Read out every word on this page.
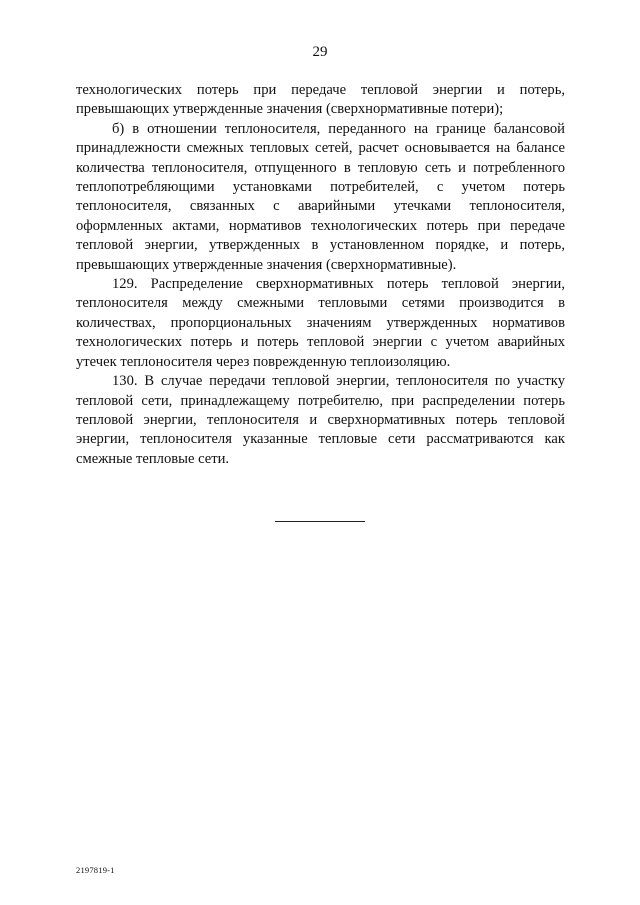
29

технологических потерь при передаче тепловой энергии и потерь, превышающих утвержденные значения (сверхнормативные потери);

б) в отношении теплоносителя, переданного на границе балансовой принадлежности смежных тепловых сетей, расчет основывается на балансе количества теплоносителя, отпущенного в тепловую сеть и потребленного теплопотребляющими установками потребителей, с учетом потерь теплоносителя, связанных с аварийными утечками теплоносителя, оформленных актами, нормативов технологических потерь при передаче тепловой энергии, утвержденных в установленном порядке, и потерь, превышающих утвержденные значения (сверхнормативные).

129. Распределение сверхнормативных потерь тепловой энергии, теплоносителя между смежными тепловыми сетями производится в количествах, пропорциональных значениям утвержденных нормативов технологических потерь и потерь тепловой энергии с учетом аварийных утечек теплоносителя через поврежденную теплоизоляцию.

130. В случае передачи тепловой энергии, теплоносителя по участку тепловой сети, принадлежащему потребителю, при распределении потерь тепловой энергии, теплоносителя и сверхнормативных потерь тепловой энергии, теплоносителя указанные тепловые сети рассматриваются как смежные тепловые сети.

2197819-1
